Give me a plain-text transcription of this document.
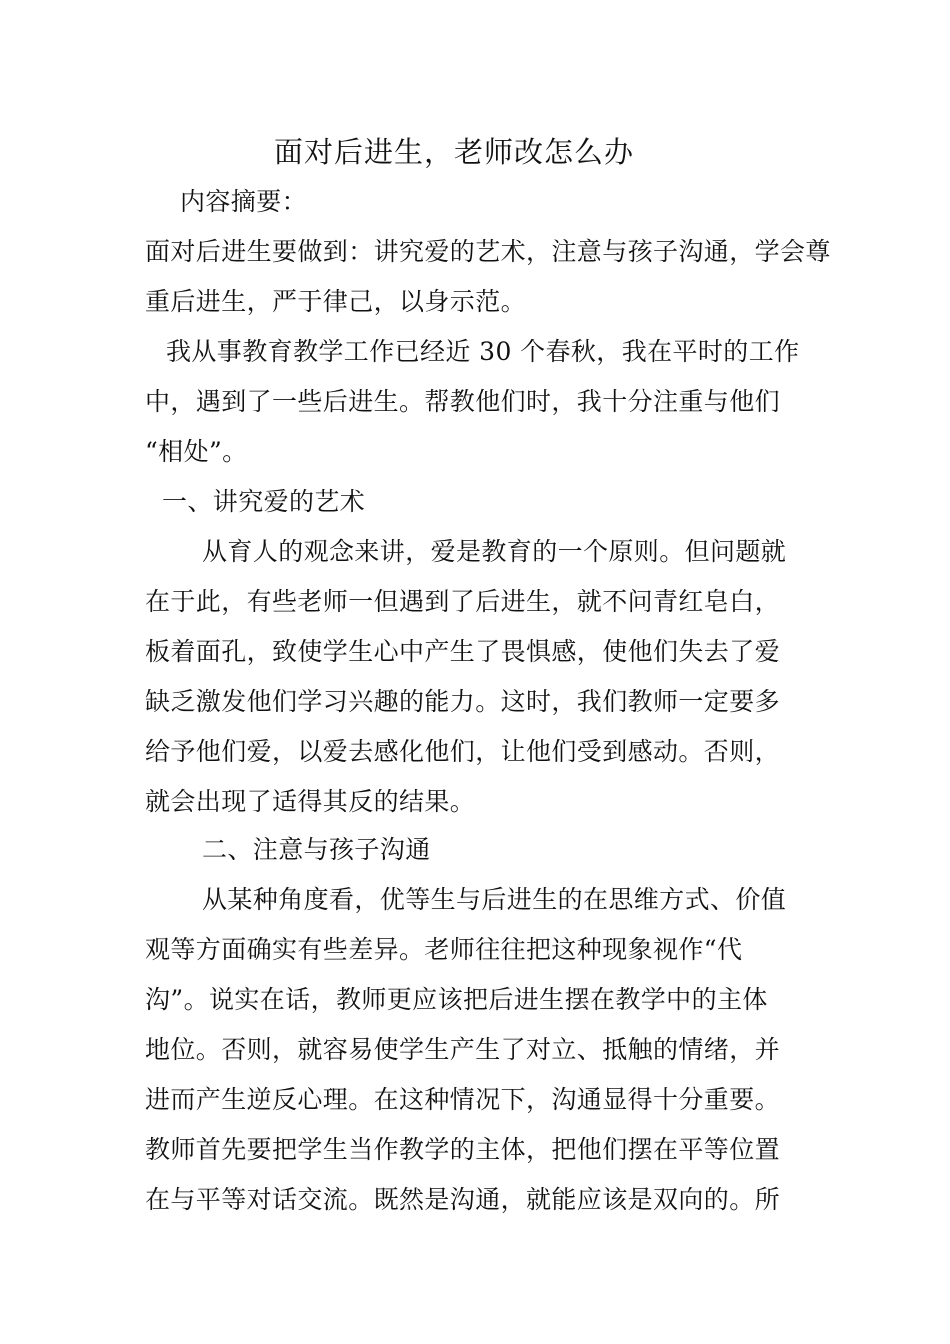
面对后进生，老师改怎么办
内容摘要：
面对后进生要做到：讲究爱的艺术，注意与孩子沟通，学会尊
重后进生，严于律己，以身示范。
我从事教育教学工作已经近 30 个春秋，我在平时的工作
中，遇到了一些后进生。帮教他们时，我十分注重与他们
“相处”。
一、讲究爱的艺术
从育人的观念来讲，爱是教育的一个原则。但问题就
在于此，有些老师一但遇到了后进生，就不问青红皂白，
板着面孔，致使学生心中产生了畏惧感，使他们失去了爱
缺乏激发他们学习兴趣的能力。这时，我们教师一定要多
给予他们爱，以爱去感化他们，让他们受到感动。否则，
就会出现了适得其反的结果。
二、注意与孩子沟通
从某种角度看，优等生与后进生的在思维方式、价值
观等方面确实有些差异。老师往往把这种现象视作“代
沟”。说实在话，教师更应该把后进生摆在教学中的主体
地位。否则，就容易使学生产生了对立、抵触的情绪，并
进而产生逆反心理。在这种情况下，沟通显得十分重要。
教师首先要把学生当作教学的主体，把他们摆在平等位置
在与平等对话交流。既然是沟通，就能应该是双向的。所
